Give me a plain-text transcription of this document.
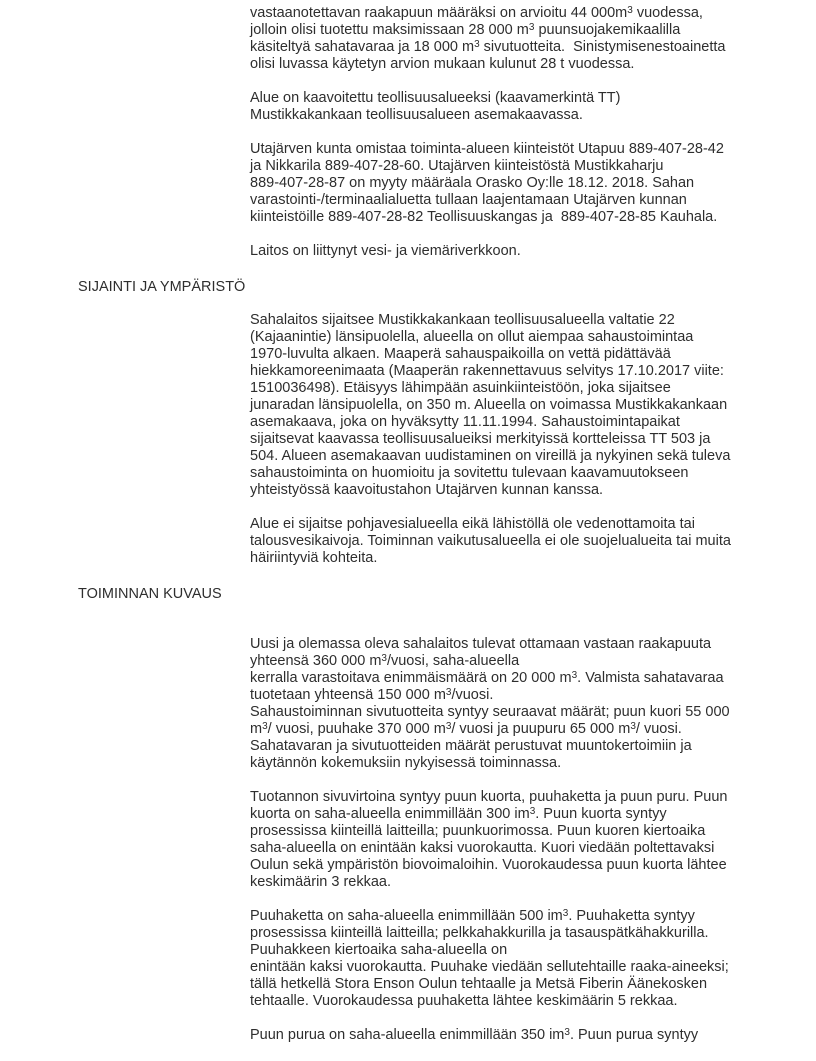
vastaanotettavan raakapuun määräksi on arvioitu 44 $000m^3$ vuodessa,
jolloin olisi tuotettu maksimissaan 28 000 $m^3$ puunsuojakemikaalilla
käsiteltyä sahatavaraa ja 18 000 $m^3$ sivutuotteita.  Sinistymisenestoainetta
olisi luvassa käytetyn arvion mukaan kulunut 28 t vuodessa.
Alue on kaavoitettu teollisuusalueeksi (kaavamerkintä TT)
Mustikkakankaan teollisuusalueen asemakaavassa.
Utajärven kunta omistaa toiminta-alueen kiinteistöt Utapuu 889-407-28-42
ja Nikkarila 889-407-28-60. Utajärven kiinteistöstä Mustikkaharju
889-407-28-87 on myyty määräala Orasko Oy:lle 18.12. 2018. Sahan
varastointi-/terminaalialuetta tullaan laajentamaan Utajärven kunnan
kiinteistöille 889-407-28-82 Teollisuuskangas ja  889-407-28-85 Kauhala.
Laitos on liittynyt vesi- ja viemäriverkkoon.
SIJAINTI JA YMPÄRISTÖ
Sahalaitos sijaitsee Mustikkakankaan teollisuusalueella valtatie 22
(Kajaanintie) länsipuolella, alueella on ollut aiempaa sahaustoimintaa
1970-luvulta alkaen. Maaperä sahauspaikoilla on vettä pidättävää
hiekkamoreenimaata (Maaperän rakennettavuus selvitys 17.10.2017 viite:
1510036498). Etäisyys lähimpään asuinkiinteistöön, joka sijaitsee
junaradan länsipuolella, on 350 m. Alueella on voimassa Mustikkakankaan
asemakaava, joka on hyväksytty 11.11.1994. Sahaustoimintapaikat
sijaitsevat kaavassa teollisuusalueiksi merkityissä kortteleissa TT 503 ja
504. Alueen asemakaavan uudistaminen on vireillä ja nykyinen sekä tuleva
sahaustoiminta on huomioitu ja sovitettu tulevaan kaavamuutokseen
yhteistyössä kaavoitustahon Utajärven kunnan kanssa.
Alue ei sijaitse pohjavesialueella eikä lähistöllä ole vedenottamoita tai
talousvesikaivoja. Toiminnan vaikutusalueella ei ole suojelualueita tai muita
häiriintyviä kohteita.
TOIMINNAN KUVAUS
Uusi ja olemassa oleva sahalaitos tulevat ottamaan vastaan raakapuuta
yhteensä 360 000 $m^3$/vuosi, saha-alueella
kerralla varastoitava enimmäismäärä on 20 000 $m^3$. Valmista sahatavaraa
tuotetaan yhteensä 150 000 $m^3$/vuosi.
Sahaustoiminnan sivutuotteita syntyy seuraavat määrät; puun kuori 55 000
$m^3/$ vuosi, puuhake 370 000 $m^3/$ vuosi ja puupuru 65 000 $m^3/$ vuosi.
Sahatavaran ja sivutuotteiden määrät perustuvat muuntokertoimiin ja
käytännön kokemuksiin nykyisessä toiminnassa.
Tuotannon sivuvirtoina syntyy puun kuorta, puuhaketta ja puun puru. Puun
kuorta on saha-alueella enimmillään 300 $im^3$. Puun kuorta syntyy
prosessissa kiinteillä laitteilla; puunkuorimossa. Puun kuoren kiertoaika
saha-alueella on enintään kaksi vuorokautta. Kuori viedään poltettavaksi
Oulun sekä ympäristön biovoimaloihin. Vuorokaudessa puun kuorta lähtee
keskimäärin 3 rekkaa.
Puuhaketta on saha-alueella enimmillään 500 $im^3$. Puuhaketta syntyy
prosessissa kiinteillä laitteilla; pelkkahakkurilla ja tasauspätkähakkurilla.
Puuhakkeen kiertoaika saha-alueella on
enintään kaksi vuorokautta. Puuhake viedään sellutehtaille raaka-aineeksi;
tällä hetkellä Stora Enson Oulun tehtaalle ja Metsä Fiberin Äänekosken
tehtaalle. Vuorokaudessa puuhaketta lähtee keskimäärin 5 rekkaa.
Puun purua on saha-alueella enimmillään 350 $im^3$. Puun purua syntyy
